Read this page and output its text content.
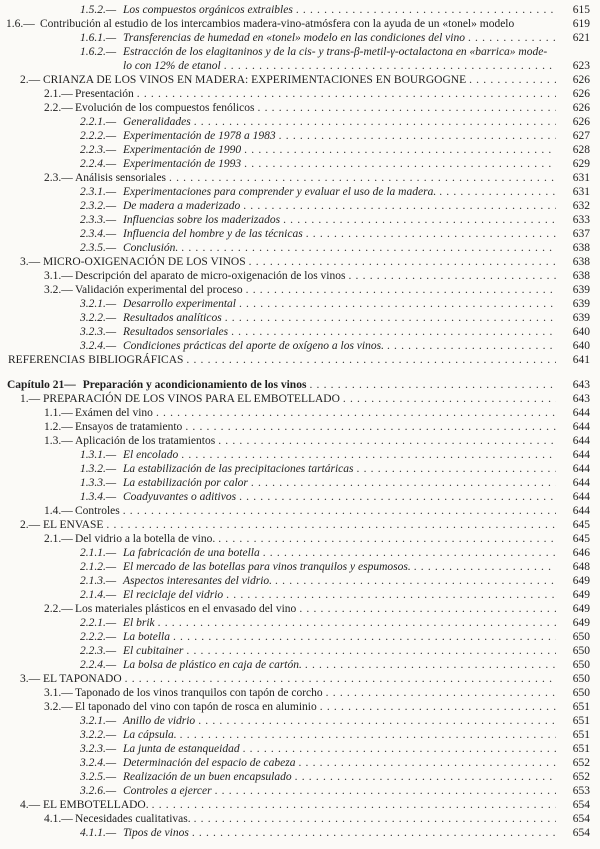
1.5.2.— Los compuestos orgánicos extraibles .....	615
1.6.— Contribución al estudio de los intercambios madera-vino-atmósfera con la ayuda de un «tonel» modelo	619
1.6.1.— Transferencias de humedad en «tonel» modelo en las condiciones del vino .....	621
1.6.2.— Estracción de los elagitaninos y de la cis- y trans-β-metil-γ-octalactona en «barrica» mode-
lo con 12% de etanol .....	623
2.— CRIANZA DE LOS VINOS EN MADERA: EXPERIMENTACIONES EN BOURGOGNE .....	626
2.1.— Presentación .....	626
2.2.— Evolución de los compuestos fenólicos .....	626
2.2.1.— Generalidades .....	626
2.2.2.— Experimentación de 1978 a 1983 .....	627
2.2.3.— Experimentación de 1990 .....	628
2.2.4.— Experimentación de 1993 .....	629
2.3.— Análisis sensoriales .....	631
2.3.1.— Experimentaciones para comprender y evaluar el uso de la madera. .....	631
2.3.2.— De madera a maderizado .....	632
2.3.3.— Influencias sobre los maderizados .....	633
2.3.4.— Influencia del hombre y de las técnicas .....	637
2.3.5.— Conclusión. .....	638
3.— MICRO-OXIGENACIÓN DE LOS VINOS .....	638
3.1.— Descripción del aparato de micro-oxigenación de los vinos .....	638
3.2.— Validación experimental del proceso .....	639
3.2.1.— Desarrollo experimental .....	639
3.2.2.— Resultados analíticos .....	639
3.2.3.— Resultados sensoriales .....	640
3.2.4.— Condiciones prácticas del aporte de oxígeno a los vinos. .....	640
REFERENCIAS BIBLIOGRÁFICAS .....	641
Capítulo 21— Preparación y acondicionamiento de los vinos .....	643
1.— PREPARACIÓN DE LOS VINOS PARA EL EMBOTELLADO .....	643
1.1.— Exámen del vino .....	644
1.2.— Ensayos de tratamiento .....	644
1.3.— Aplicación de los tratamientos .....	644
1.3.1.— El encolado .....	644
1.3.2.— La estabilización de las precipitaciones tartáricas .....	644
1.3.3.— La estabilización por calor .....	644
1.3.4.— Coadyuvantes o aditivos .....	644
1.4.— Controles .....	644
2.— EL ENVASE .....	645
2.1.— Del vidrio a la botella de vino. .....	645
2.1.1.— La fabricación de una botella .....	646
2.1.2.— El mercado de las botellas para vinos tranquilos y espumosos. .....	648
2.1.3.— Aspectos interesantes del vidrio. .....	649
2.1.4.— El reciclaje del vidrio .....	649
2.2.— Los materiales plásticos en el envasado del vino .....	649
2.2.1.— El brik .....	649
2.2.2.— La botella .....	650
2.2.3.— El cubitainer .....	650
2.2.4.— La bolsa de plástico en caja de cartón. .....	650
3.— EL TAPONADO .....	650
3.1.— Taponado de los vinos tranquilos con tapón de corcho .....	650
3.2.— El taponado del vino con tapón de rosca en aluminio .....	651
3.2.1.— Anillo de vidrio .....	651
3.2.2.— La cápsula. .....	651
3.2.3.— La junta de estanqueidad .....	651
3.2.4.— Determinación del espacio de cabeza .....	652
3.2.5.— Realización de un buen encapsulado .....	652
3.2.6.— Controles a ejercer .....	653
4.— EL EMBOTELLADO. .....	654
4.1.— Necesidades cualitativas. .....	654
4.1.1.— Tipos de vinos .....	654
